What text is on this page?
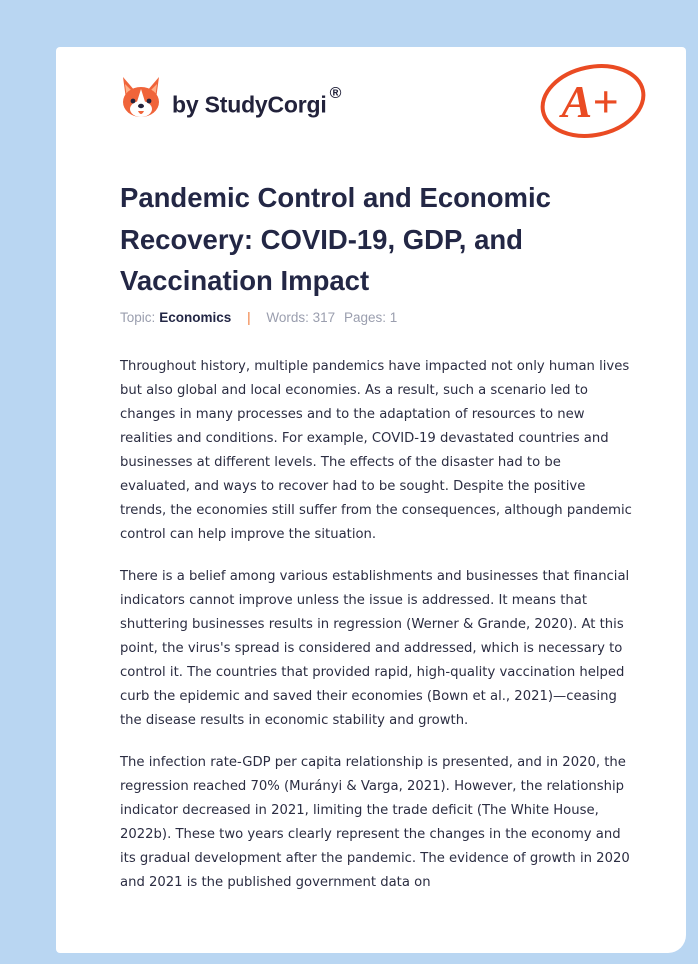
by StudyCorgi ®	A+
Pandemic Control and Economic Recovery: COVID-19, GDP, and Vaccination Impact
Topic: Economics | Words: 317 Pages: 1

Throughout history, multiple pandemics have impacted not only human lives but also global and local economies. As a result, such a scenario led to changes in many processes and to the adaptation of resources to new realities and conditions. For example, COVID-19 devastated countries and businesses at different levels. The effects of the disaster had to be evaluated, and ways to recover had to be sought. Despite the positive trends, the economies still suffer from the consequences, although pandemic control can help improve the situation.

There is a belief among various establishments and businesses that financial indicators cannot improve unless the issue is addressed. It means that shuttering businesses results in regression (Werner & Grande, 2020). At this point, the virus's spread is considered and addressed, which is necessary to control it. The countries that provided rapid, high-quality vaccination helped curb the epidemic and saved their economies (Bown et al., 2021)—ceasing the disease results in economic stability and growth.

The infection rate-GDP per capita relationship is presented, and in 2020, the regression reached 70% (Murányi & Varga, 2021). However, the relationship indicator decreased in 2021, limiting the trade deficit (The White House, 2022b). These two years clearly represent the changes in the economy and its gradual development after the pandemic. The evidence of growth in 2020 and 2021 is the published government data on
